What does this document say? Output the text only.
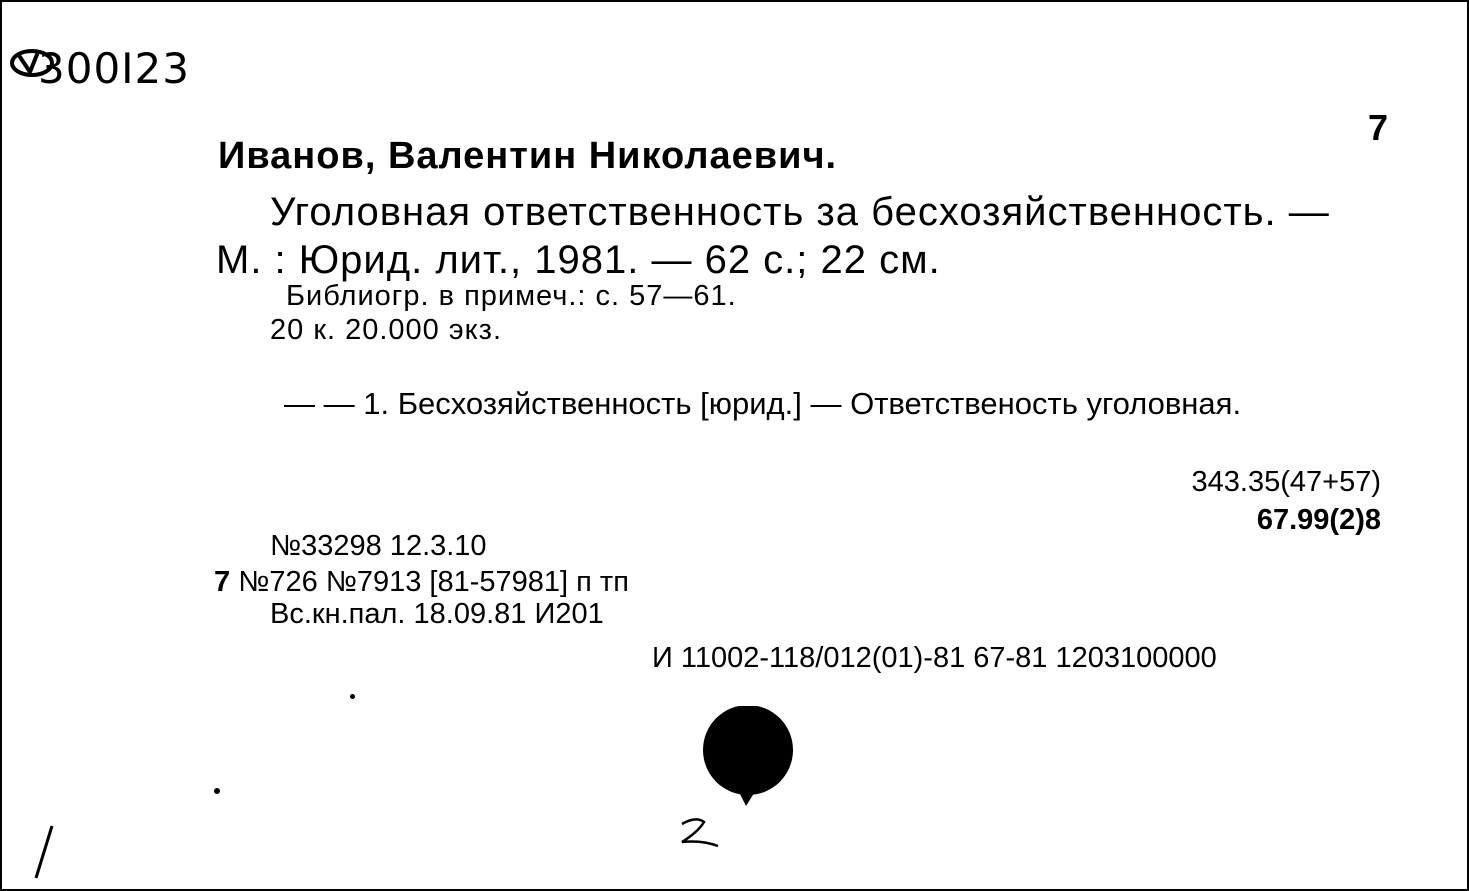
300I23
7
Иванов, Валентин Николаевич.
Уголовная ответственность за бесхозяйственность. —
М. : Юрид. лит., 1981. — 62 с.; 22 см.
Библиогр. в примеч.: с. 57—61.
20 к. 20.000 экз.
— — 1. Бесхозяйственность [юрид.] — Ответственость уголовная.
343.35(47+57)
67.99(2)8
№33298 12.3.10
7 №726 №7913 [81-57981] п тп
Вс.кн.пал. 18.09.81 И201
И 11002-118/012(01)-81 67-81 1203100000
